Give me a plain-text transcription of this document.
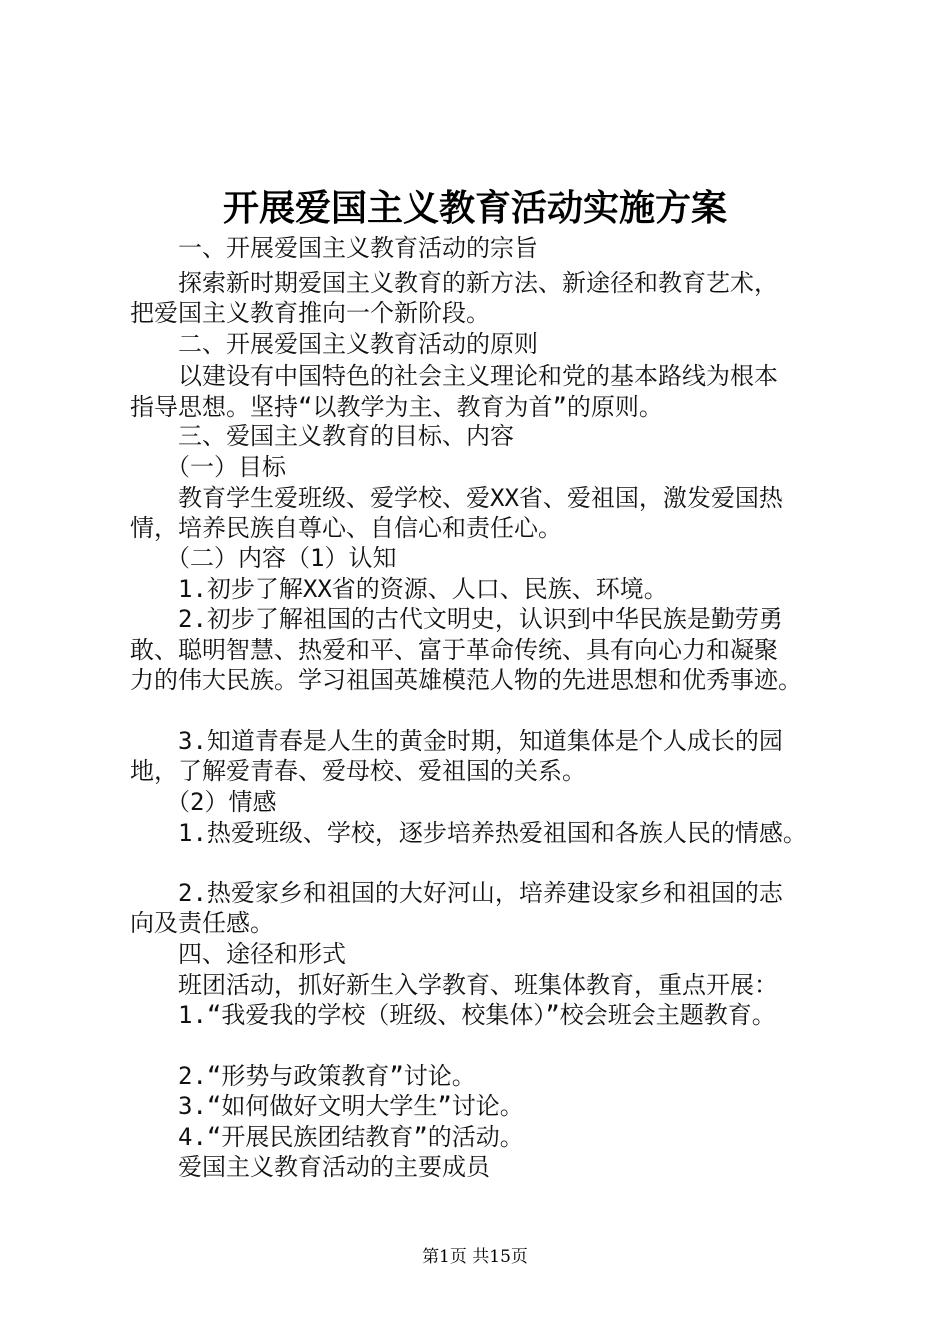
开展爱国主义教育活动实施方案

　　一、开展爱国主义教育活动的宗旨

　　探索新时期爱国主义教育的新方法、新途径和教育艺术，

把爱国主义教育推向一个新阶段。

　　二、开展爱国主义教育活动的原则

　　以建设有中国特色的社会主义理论和党的基本路线为根本

指导思想。坚持“以教学为主、教育为首”的原则。

　　三、爱国主义教育的目标、内容

　　（一）目标

　　教育学生爱班级、爱学校、爱XX省、爱祖国，激发爱国热

情，培养民族自尊心、自信心和责任心。

　　（二）内容（1）认知

　　1.初步了解XX省的资源、人口、民族、环境。

　　2.初步了解祖国的古代文明史，认识到中华民族是勤劳勇

敢、聪明智慧、热爱和平、富于革命传统、具有向心力和凝聚

力的伟大民族。学习祖国英雄模范人物的先进思想和优秀事迹。

　　3.知道青春是人生的黄金时期，知道集体是个人成长的园

地，了解爱青春、爱母校、爱祖国的关系。

　　（2）情感

　　1.热爱班级、学校，逐步培养热爱祖国和各族人民的情感。

　　2.热爱家乡和祖国的大好河山，培养建设家乡和祖国的志

向及责任感。

　　四、途径和形式

　　班团活动，抓好新生入学教育、班集体教育，重点开展：

　　1.“我爱我的学校（班级、校集体）”校会班会主题教育。

　　2.“形势与政策教育”讨论。

　　3.“如何做好文明大学生”讨论。

　　4.“开展民族团结教育”的活动。

　　爱国主义教育活动的主要成员

第1页 共15页
